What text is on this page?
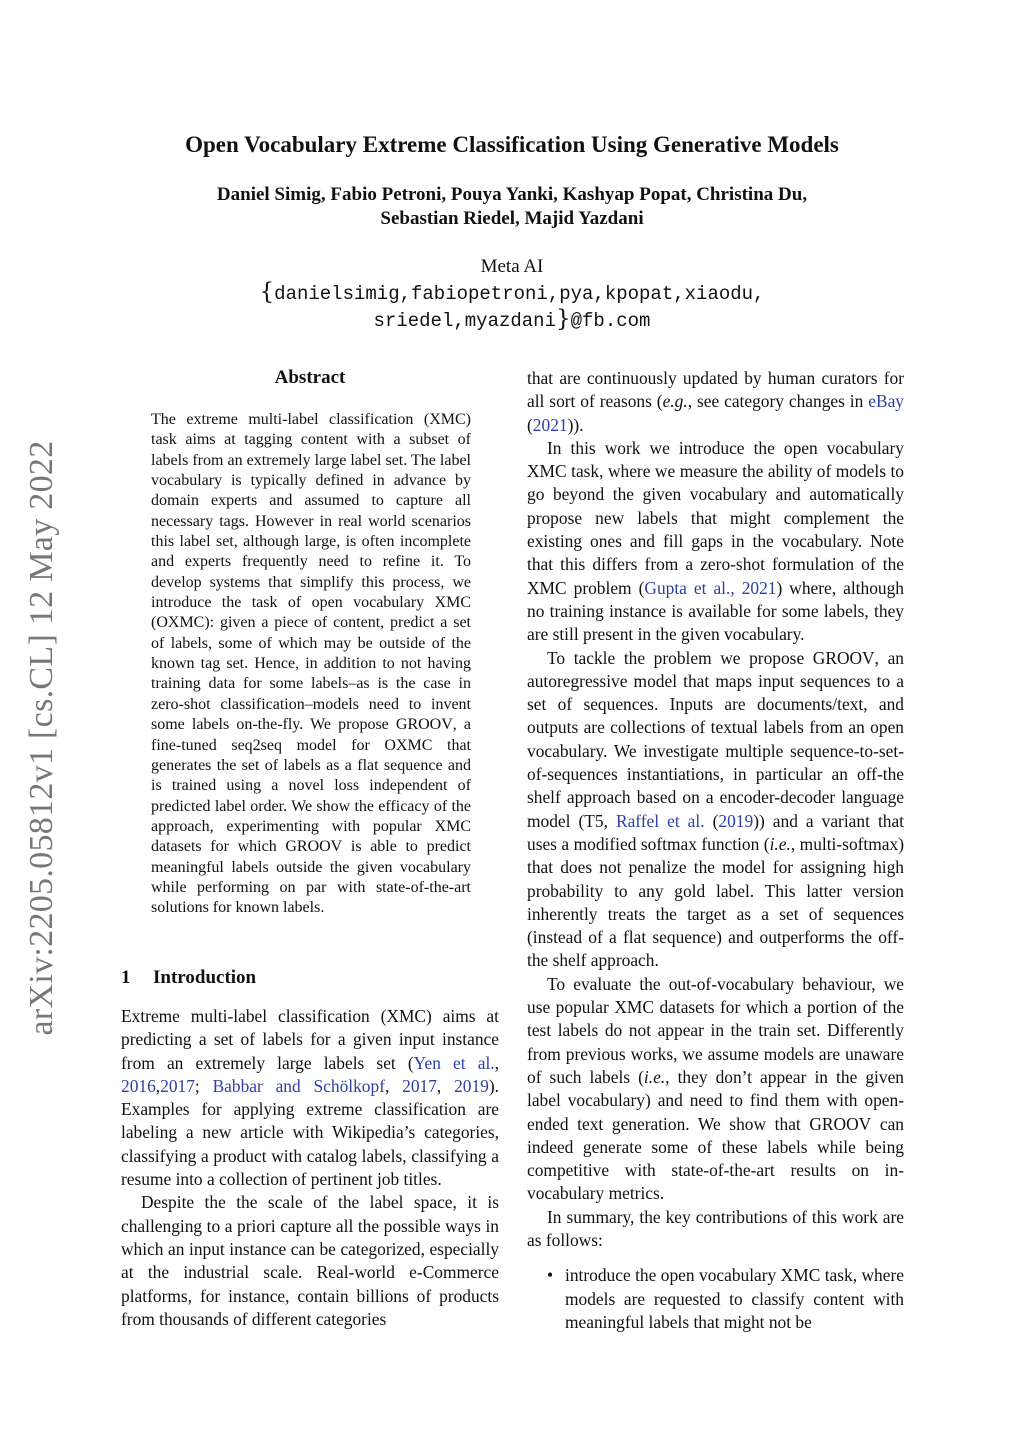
arXiv:2205.05812v1 [cs.CL] 12 May 2022
Open Vocabulary Extreme Classification Using Generative Models
Daniel Simig, Fabio Petroni, Pouya Yanki, Kashyap Popat, Christina Du,
Sebastian Riedel, Majid Yazdani
Meta AI
{danielsimig,fabiopetroni,pya,kpopat,xiaodu,
sriedel,myazdani}@fb.com
Abstract

The extreme multi-label classification (XMC) task aims at tagging content with a subset of labels from an extremely large label set. The label vocabulary is typically defined in advance by domain experts and assumed to capture all necessary tags. However in real world scenarios this label set, although large, is often incomplete and experts frequently need to refine it. To develop systems that simplify this process, we introduce the task of open vocabulary XMC (OXMC): given a piece of content, predict a set of labels, some of which may be outside of the known tag set. Hence, in addition to not having training data for some labels–as is the case in zero-shot classification–models need to invent some labels on-the-fly. We propose GROOV, a fine-tuned seq2seq model for OXMC that generates the set of labels as a flat sequence and is trained using a novel loss independent of predicted label order. We show the efficacy of the approach, experimenting with popular XMC datasets for which GROOV is able to predict meaningful labels outside the given vocabulary while performing on par with state-of-the-art solutions for known labels.

1 Introduction

Extreme multi-label classification (XMC) aims at predicting a set of labels for a given input instance from an extremely large labels set (Yen et al., 2016,2017; Babbar and Schölkopf, 2017, 2019). Examples for applying extreme classification are labeling a new article with Wikipedia’s categories, classifying a product with catalog labels, classifying a resume into a collection of pertinent job titles.

Despite the the scale of the label space, it is challenging to a priori capture all the possible ways in which an input instance can be categorized, especially at the industrial scale. Real-world e-Commerce platforms, for instance, contain billions of products from thousands of different categories

that are continuously updated by human curators for all sort of reasons (e.g., see category changes in eBay (2021)).

In this work we introduce the open vocabulary XMC task, where we measure the ability of models to go beyond the given vocabulary and automatically propose new labels that might complement the existing ones and fill gaps in the vocabulary. Note that this differs from a zero-shot formulation of the XMC problem (Gupta et al., 2021) where, although no training instance is available for some labels, they are still present in the given vocabulary.

To tackle the problem we propose GROOV, an autoregressive model that maps input sequences to a set of sequences. Inputs are documents/text, and outputs are collections of textual labels from an open vocabulary. We investigate multiple sequence-to-set-of-sequences instantiations, in particular an off-the shelf approach based on a encoder-decoder language model (T5, Raffel et al. (2019)) and a variant that uses a modified softmax function (i.e., multi-softmax) that does not penalize the model for assigning high probability to any gold label. This latter version inherently treats the target as a set of sequences (instead of a flat sequence) and outperforms the off-the shelf approach.

To evaluate the out-of-vocabulary behaviour, we use popular XMC datasets for which a portion of the test labels do not appear in the train set. Differently from previous works, we assume models are unaware of such labels (i.e., they don’t appear in the given label vocabulary) and need to find them with open-ended text generation. We show that GROOV can indeed generate some of these labels while being competitive with state-of-the-art results on in-vocabulary metrics.

In summary, the key contributions of this work are as follows:

• introduce the open vocabulary XMC task, where models are requested to classify content with meaningful labels that might not be
